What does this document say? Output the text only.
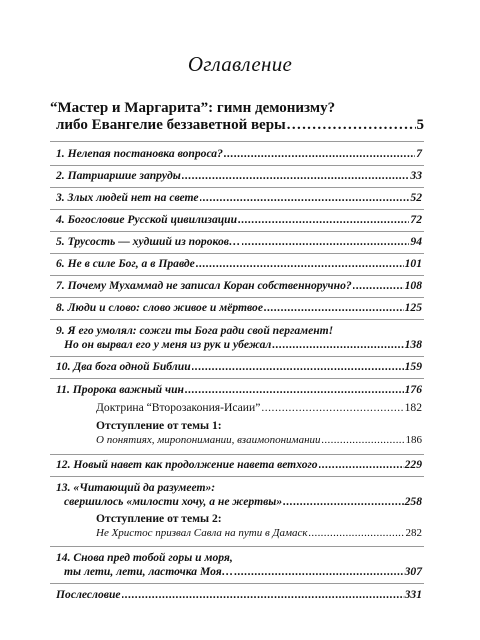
Оглавление
“Мастер и Маргарита”: гимн демонизму?
либо Евангелие беззаветной веры . . .	5
1. Нелепая постановка вопроса? . . .	7
2. Патриаршие запруды . . .	33
3. Злых людей нет на свете . . .	52
4. Богословие Русской цивилизации . . .	72
5. Трусость — худший из пороков… . . .	94
6. Не в силе Бог, а в Правде . . .	101
7. Почему Мухаммад не записал Коран собственноручно? . . .	108
8. Люди и слово: слово живое и мёртвое . . .	125
9. Я его умолял: сожги ты Бога ради свой пергамент!
Но он вырвал его у меня из рук и убежал . . .	138
10. Два бога одной Библии . . .	159
11. Пророка важный чин . . .	176
Доктрина “Второзакония-Исаии” . . .	182
Отступление от темы 1:
О понятиях, миропонимании, взаимопонимании . . .	186
12. Новый навет как продолжение навета ветхого . . .	229
13. «Читающий да разумеет»:
свершилось «милости хочу, а не жертвы» . . .	258
Отступление от темы 2:
Не Христос призвал Савла на пути в Дамаск . . .	282
14. Снова пред тобой горы и моря,
ты лети, лети, ласточка Моя… . . .	307
Послесловие . . .	331
